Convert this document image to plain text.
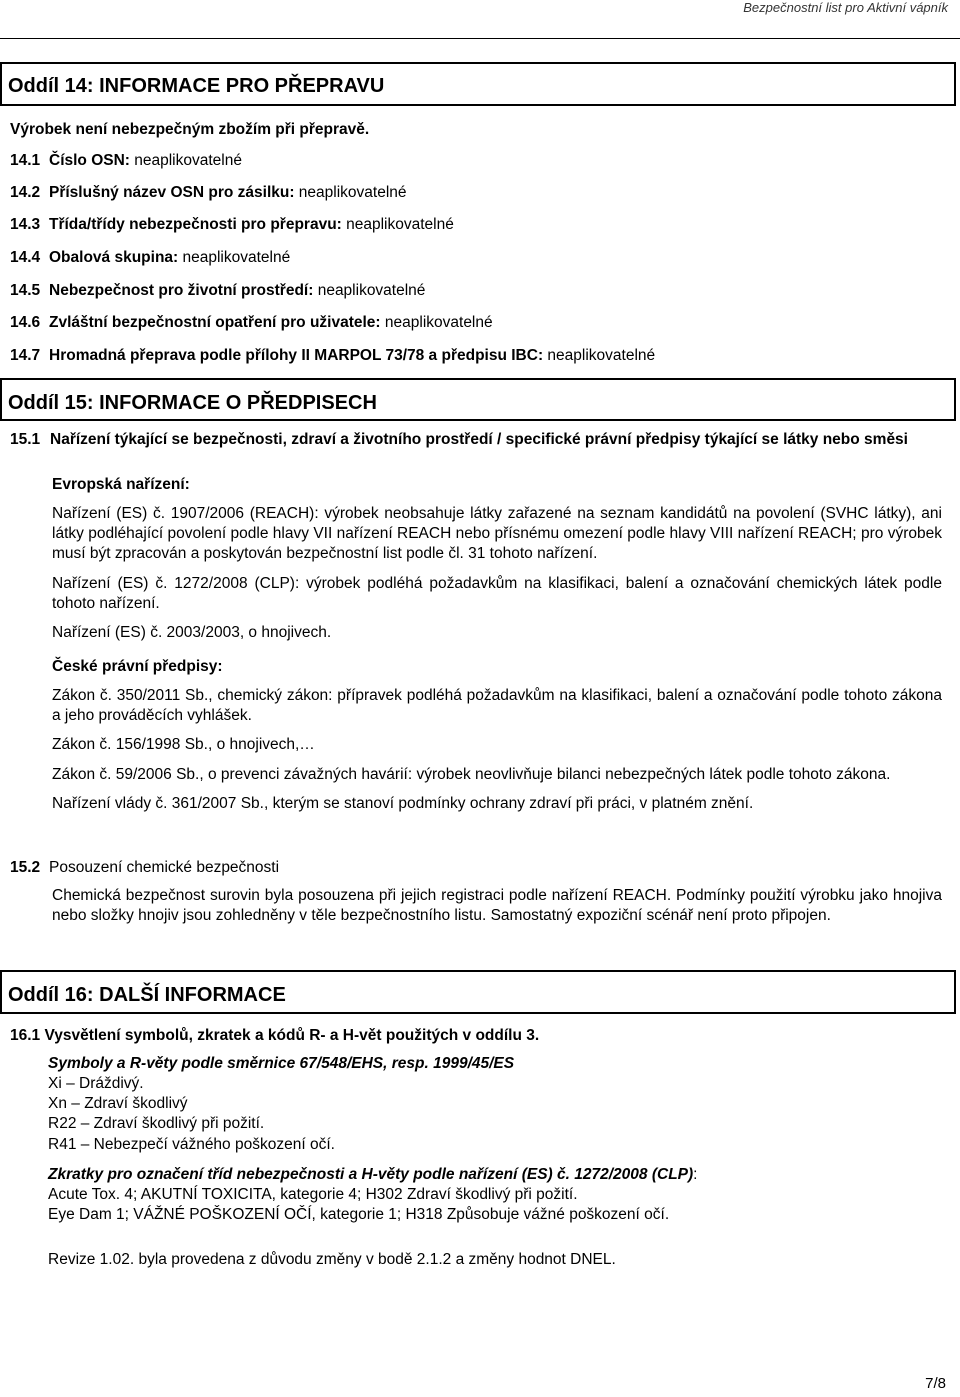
Bezpečnostní list pro Aktivní vápník
Oddíl 14: INFORMACE PRO PŘEPRAVU
Výrobek není nebezpečným zbožím při přepravě.
14.1 Číslo OSN: neaplikovatelné
14.2 Příslušný název OSN pro zásilku: neaplikovatelné
14.3 Třída/třídy nebezpečnosti pro přepravu: neaplikovatelné
14.4 Obalová skupina: neaplikovatelné
14.5 Nebezpečnost pro životní prostředí: neaplikovatelné
14.6 Zvláštní bezpečnostní opatření pro uživatele: neaplikovatelné
14.7 Hromadná přeprava podle přílohy II MARPOL 73/78 a předpisu IBC: neaplikovatelné
Oddíl 15: INFORMACE O PŘEDPISECH
15.1 Nařízení týkající se bezpečnosti, zdraví a životního prostředí / specifické právní předpisy týkající se látky nebo směsi

Evropská nařízení:

Nařízení (ES) č. 1907/2006 (REACH): výrobek neobsahuje látky zařazené na seznam kandidátů na povolení (SVHC látky), ani látky podléhající povolení podle hlavy VII nařízení REACH nebo přísnému omezení podle hlavy VIII nařízení REACH; pro výrobek musí být zpracován a poskytován bezpečnostní list podle čl. 31 tohoto nařízení.

Nařízení (ES) č. 1272/2008 (CLP): výrobek podléhá požadavkům na klasifikaci, balení a označování chemických látek podle tohoto nařízení.

Nařízení (ES) č. 2003/2003, o hnojivech.

České právní předpisy:

Zákon č. 350/2011 Sb., chemický zákon: přípravek podléhá požadavkům na klasifikaci, balení a označování podle tohoto zákona a jeho prováděcích vyhlášek.

Zákon č. 156/1998 Sb., o hnojivech,…

Zákon č. 59/2006 Sb., o prevenci závažných havárií: výrobek neovlivňuje bilanci nebezpečných látek podle tohoto zákona.

Nařízení vlády č. 361/2007 Sb., kterým se stanoví podmínky ochrany zdraví při práci, v platném znění.

15.2 Posouzení chemické bezpečnosti
Chemická bezpečnost surovin byla posouzena při jejich registraci podle nařízení REACH. Podmínky použití výrobku jako hnojiva nebo složky hnojiv jsou zohledněny v těle bezpečnostního listu. Samostatný expoziční scénář není proto připojen.
Oddíl 16: DALŠÍ INFORMACE
16.1 Vysvětlení symbolů, zkratek a kódů R- a H-vět použitých v oddílu 3.

Symboly a R-věty podle směrnice 67/548/EHS, resp. 1999/45/ES

Xi – Dráždivý.

Xn – Zdraví škodlivý

R22 – Zdraví škodlivý při požití.

R41 – Nebezpečí vážného poškození očí.

Zkratky pro označení tříd nebezpečnosti a H-věty podle nařízení (ES) č. 1272/2008 (CLP):

Acute Tox. 4; AKUTNÍ TOXICITA, kategorie 4; H302 Zdraví škodlivý při požití.

Eye Dam 1; VÁŽNÉ POŠKOZENÍ OČÍ, kategorie 1; H318 Způsobuje vážné poškození očí.

Revize 1.02. byla provedena z důvodu změny v bodě 2.1.2 a změny hodnot DNEL.

7/8
